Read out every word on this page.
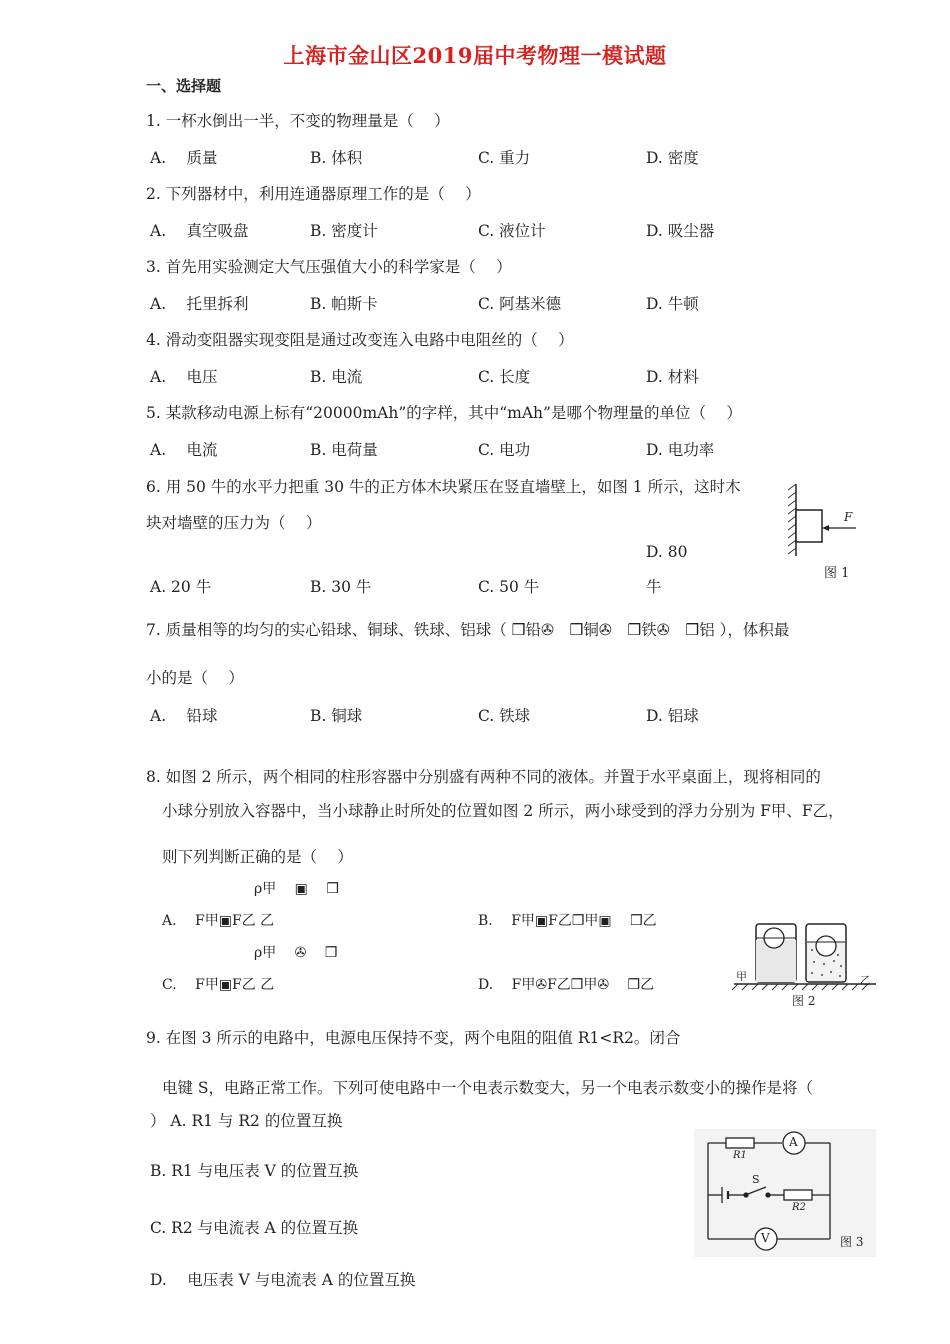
上海市金山区2019届中考物理一模试题
一、选择题
1. 一杯水倒出一半，不变的物理量是（　 ）
A.　 质量	B. 体积	C. 重力	D. 密度
2. 下列器材中，利用连通器原理工作的是（　 ）
A.　 真空吸盘	B. 密度计	C. 液位计	D. 吸尘器
3. 首先用实验测定大气压强值大小的科学家是（　 ）
A.　 托里拆利	B. 帕斯卡	C. 阿基米德	D. 牛顿
4. 滑动变阻器实现变阻是通过改变连入电路中电阻丝的（　 ）
A.　 电压	B. 电流	C. 长度	D. 材料
5. 某款移动电源上标有“20000mAh”的字样，其中“mAh”是哪个物理量的单位（　 ）
A.　 电流	B. 电荷量	C. 电功	D. 电功率
6. 用 50 牛的水平力把重 30 牛的正方体木块紧压在竖直墙壁上，如图 1 所示，这时木
块对墙壁的压力为（　 ）
A. 20 牛	B. 30 牛	C. 50 牛
D. 80
牛
F
图 1
7. 质量相等的均匀的实心铅球、铜球、铁球、铝球（ ❒铅✇　❒铜✇　❒铁✇　❒铝 ），体积最
小的是（　 ）
A.　 铅球	B. 铜球	C. 铁球	D. 铝球
8. 如图 2 所示，两个相同的柱形容器中分别盛有两种不同的液体。并置于水平桌面上，现将相同的
小球分别放入容器中，当小球静止时所处的位置如图 2 所示，两小球受到的浮力分别为 F甲、F乙，
则下列判断正确的是（　 ）
ρ甲　 ▣　 ❒
A.　 F甲▣F乙 乙	B.　 F甲▣F乙❒甲▣　 ❒乙
ρ甲　 ✇　 ❒
C.　 F甲▣F乙 乙	D.　 F甲✇F乙❒甲✇　 ❒乙
甲	乙
图 2
9. 在图 3 所示的电路中，电源电压保持不变，两个电阻的阻值 R1<R2。闭合
电键 S，电路正常工作。下列可使电路中一个电表示数变大，另一个电表示数变小的操作是将（
） A. R1 与 R2 的位置互换
B. R1 与电压表 V 的位置互换
C. R2 与电流表 A 的位置互换
D.　 电压表 V 与电流表 A 的位置互换
A
V
R1
R2
S
图 3
